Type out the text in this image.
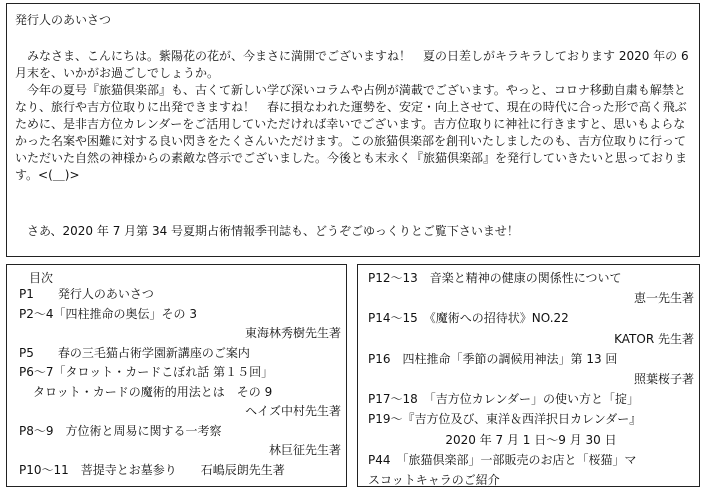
発行人のあいさつ

みなさま、こんにちは。紫陽花の花が、今まさに満開でございますね！　夏の日差しがキラキラしております 2020 年の 6 月末を、いかがお過ごしでしょうか。

今年の夏号『旅猫倶楽部』も、古くて新しい学び深いコラムや占例が満載でございます。やっと、コロナ移動自粛も解禁となり、旅行や吉方位取りに出発できますね！　春に損なわれた運勢を、安定・向上させて、現在の時代に合った形で高く飛ぶために、是非吉方位カレンダーをご活用していただければ幸いでございます。吉方位取りに神社に行きますと、思いもよらなかった名案や困難に対する良い閃きをたくさんいただけます。この旅猫倶楽部を創刊いたしましたのも、吉方位取りに行っていただいた自然の神様からの素敵な啓示でございました。今後とも末永く『旅猫倶楽部』を発行していきたいと思っております。<(＿)>

さあ、2020 年 7 月第 34 号夏期占術情報季刊誌も、どうぞごゆっくりとご覧下さいませ！
目次
P1　　発行人のあいさつ
P2～4「四柱推命の奥伝」その 3
東海林秀樹先生著
P5　　春の三毛猫占術学園新講座のご案内
P6～7「タロット・カードこぼれ話 第１５回」
タロット・カードの魔術的用法とは　その 9
ヘイズ中村先生著
P8～9　方位術と周易に関する一考察
林巨征先生著
P10～11　菩提寺とお墓参り　　石嶋辰朗先生著
P12～13　音楽と精神の健康の関係性について
恵一先生著
P14～15　《魔術への招待状》NO.22
KATOR 先生著
P16　四柱推命「季節の調候用神法」第 13 回
照葉桜子著
P17～18　「吉方位カレンダー」の使い方と「掟」
P19～『吉方位及び、東洋＆西洋択日カレンダー』
2020 年 7 月 1 日～9 月 30 日
P44　「旅猫倶楽部」一部販売のお店と「桜猫」マ
スコットキャラのご紹介
